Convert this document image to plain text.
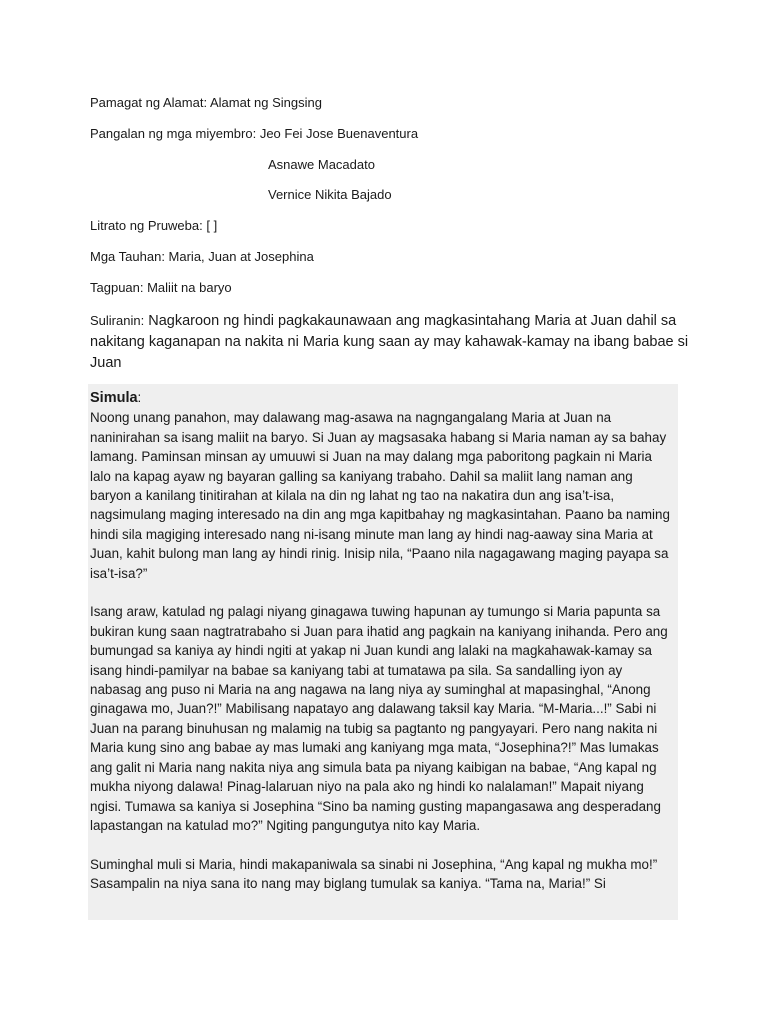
Pamagat ng Alamat: Alamat ng Singsing
Pangalan ng mga miyembro: Jeo Fei Jose Buenaventura
Asnawe Macadato
Vernice Nikita Bajado
Litrato ng Pruweba: [ ]
Mga Tauhan: Maria, Juan at Josephina
Tagpuan: Maliit na baryo
Suliranin: Nagkaroon ng hindi pagkakaunawaan ang magkasintahang Maria at Juan dahil sa nakitang kaganapan na nakita ni Maria kung saan ay may kahawak-kamay na ibang babae si Juan
Simula:

Noong unang panahon, may dalawang mag-asawa na nagngangalang Maria at Juan na naninirahan sa isang maliit na baryo. Si Juan ay magsasaka habang si Maria naman ay sa bahay lamang. Paminsan minsan ay umuuwi si Juan na may dalang mga paboritong pagkain ni Maria lalo na kapag ayaw ng bayaran galling sa kaniyang trabaho. Dahil sa maliit lang naman ang baryon a kanilang tinitirahan at kilala na din ng lahat ng tao na nakatira dun ang isa’t-isa, nagsimulang maging interesado na din ang mga kapitbahay ng magkasintahan. Paano ba naming hindi sila magiging interesado nang ni-isang minute man lang ay hindi nag-aaway sina Maria at Juan, kahit bulong man lang ay hindi rinig. Inisip nila, “Paano nila nagagawang maging payapa sa isa’t-isa?”

Isang araw, katulad ng palagi niyang ginagawa tuwing hapunan ay tumungo si Maria papunta sa bukiran kung saan nagtratrabaho si Juan para ihatid ang pagkain na kaniyang inihanda. Pero ang bumungad sa kaniya ay hindi ngiti at yakap ni Juan kundi ang lalaki na magkahawak-kamay sa isang hindi-pamilyar na babae sa kaniyang tabi at tumatawa pa sila. Sa sandalling iyon ay nabasag ang puso ni Maria na ang nagawa na lang niya ay suminghal at mapasinghal, “Anong ginagawa mo, Juan?!” Mabilisang napatayo ang dalawang taksil kay Maria. “M-Maria...!” Sabi ni Juan na parang binuhusan ng malamig na tubig sa pagtanto ng pangyayari. Pero nang nakita ni Maria kung sino ang babae ay mas lumaki ang kaniyang mga mata, “Josephina?!” Mas lumakas ang galit ni Maria nang nakita niya ang simula bata pa niyang kaibigan na babae, “Ang kapal ng mukha niyong dalawa! Pinag-lalaruan niyo na pala ako ng hindi ko nalalaman!” Mapait niyang ngisi. Tumawa sa kaniya si Josephina “Sino ba naming gusting mapangasawa ang desperadang lapastangan na katulad mo?” Ngiting pangungutya nito kay Maria.

Suminghal muli si Maria, hindi makapaniwala sa sinabi ni Josephina, “Ang kapal ng mukha mo!” Sasampalin na niya sana ito nang may biglang tumulak sa kaniya. “Tama na, Maria!” Si
